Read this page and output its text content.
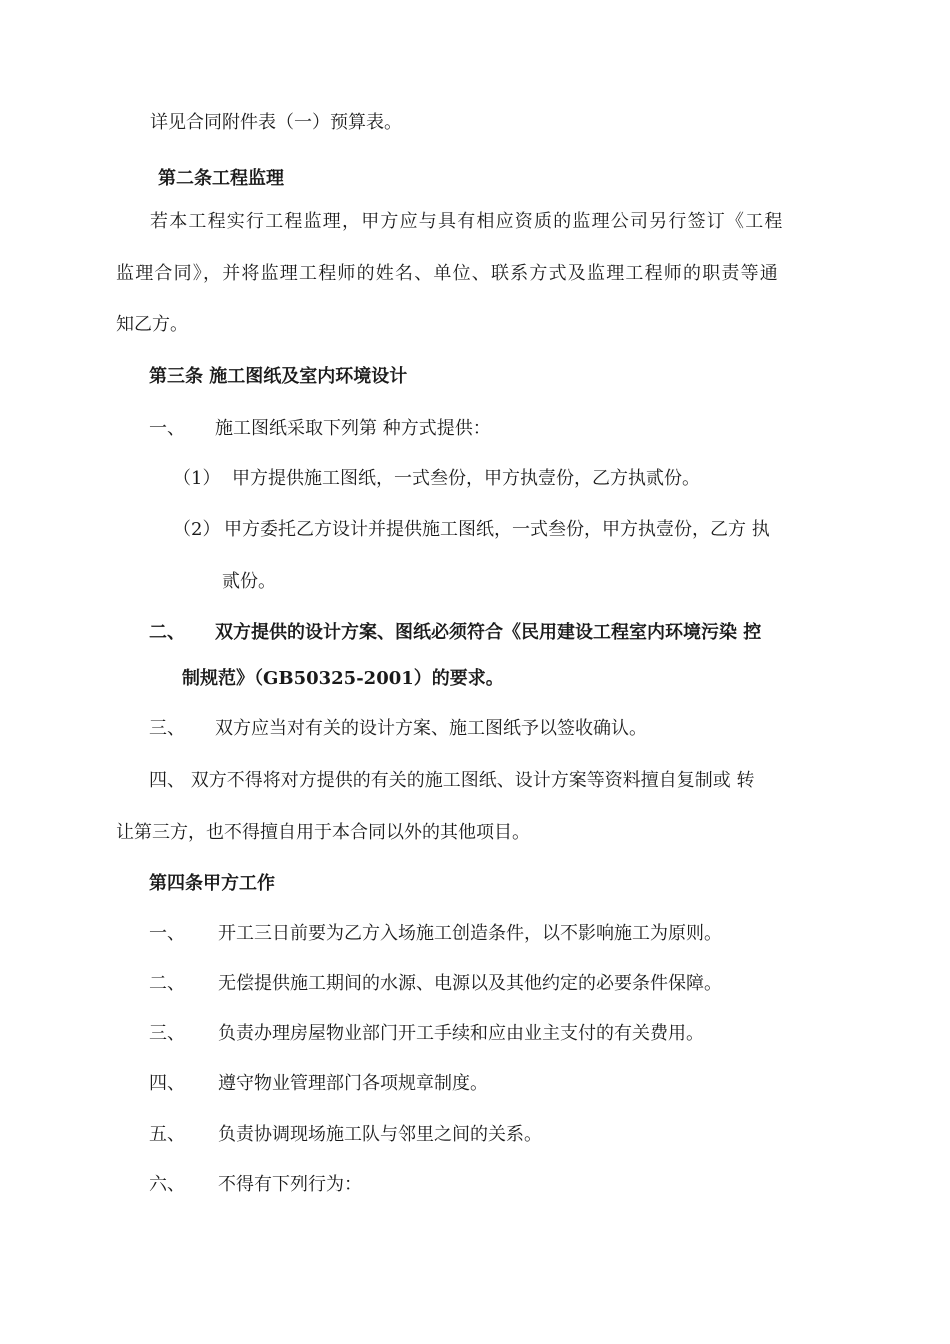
详见合同附件表（一）预算表。
第二条工程监理
若本工程实行工程监理，甲方应与具有相应资质的监理公司另行签订《工程
监理合同》，并将监理工程师的姓名、单位、联系方式及监理工程师的职责等通
知乙方。
第三条 施工图纸及室内环境设计
一、 施工图纸采取下列第 种方式提供：
（1） 甲方提供施工图纸，一式叁份，甲方执壹份，乙方执贰份。
（2） 甲方委托乙方设计并提供施工图纸，一式叁份，甲方执壹份，乙方 执
贰份。
二、 双方提供的设计方案、图纸必须符合《民用建设工程室内环境污染 控
制规范》（GB50325-2001）的要求。
三、 双方应当对有关的设计方案、施工图纸予以签收确认。
四、 双方不得将对方提供的有关的施工图纸、设计方案等资料擅自复制或 转
让第三方，也不得擅自用于本合同以外的其他项目。
第四条甲方工作
一、 开工三日前要为乙方入场施工创造条件，以不影响施工为原则。
二、 无偿提供施工期间的水源、电源以及其他约定的必要条件保障。
三、 负责办理房屋物业部门开工手续和应由业主支付的有关费用。
四、 遵守物业管理部门各项规章制度。
五、 负责协调现场施工队与邻里之间的关系。
六、 不得有下列行为：
